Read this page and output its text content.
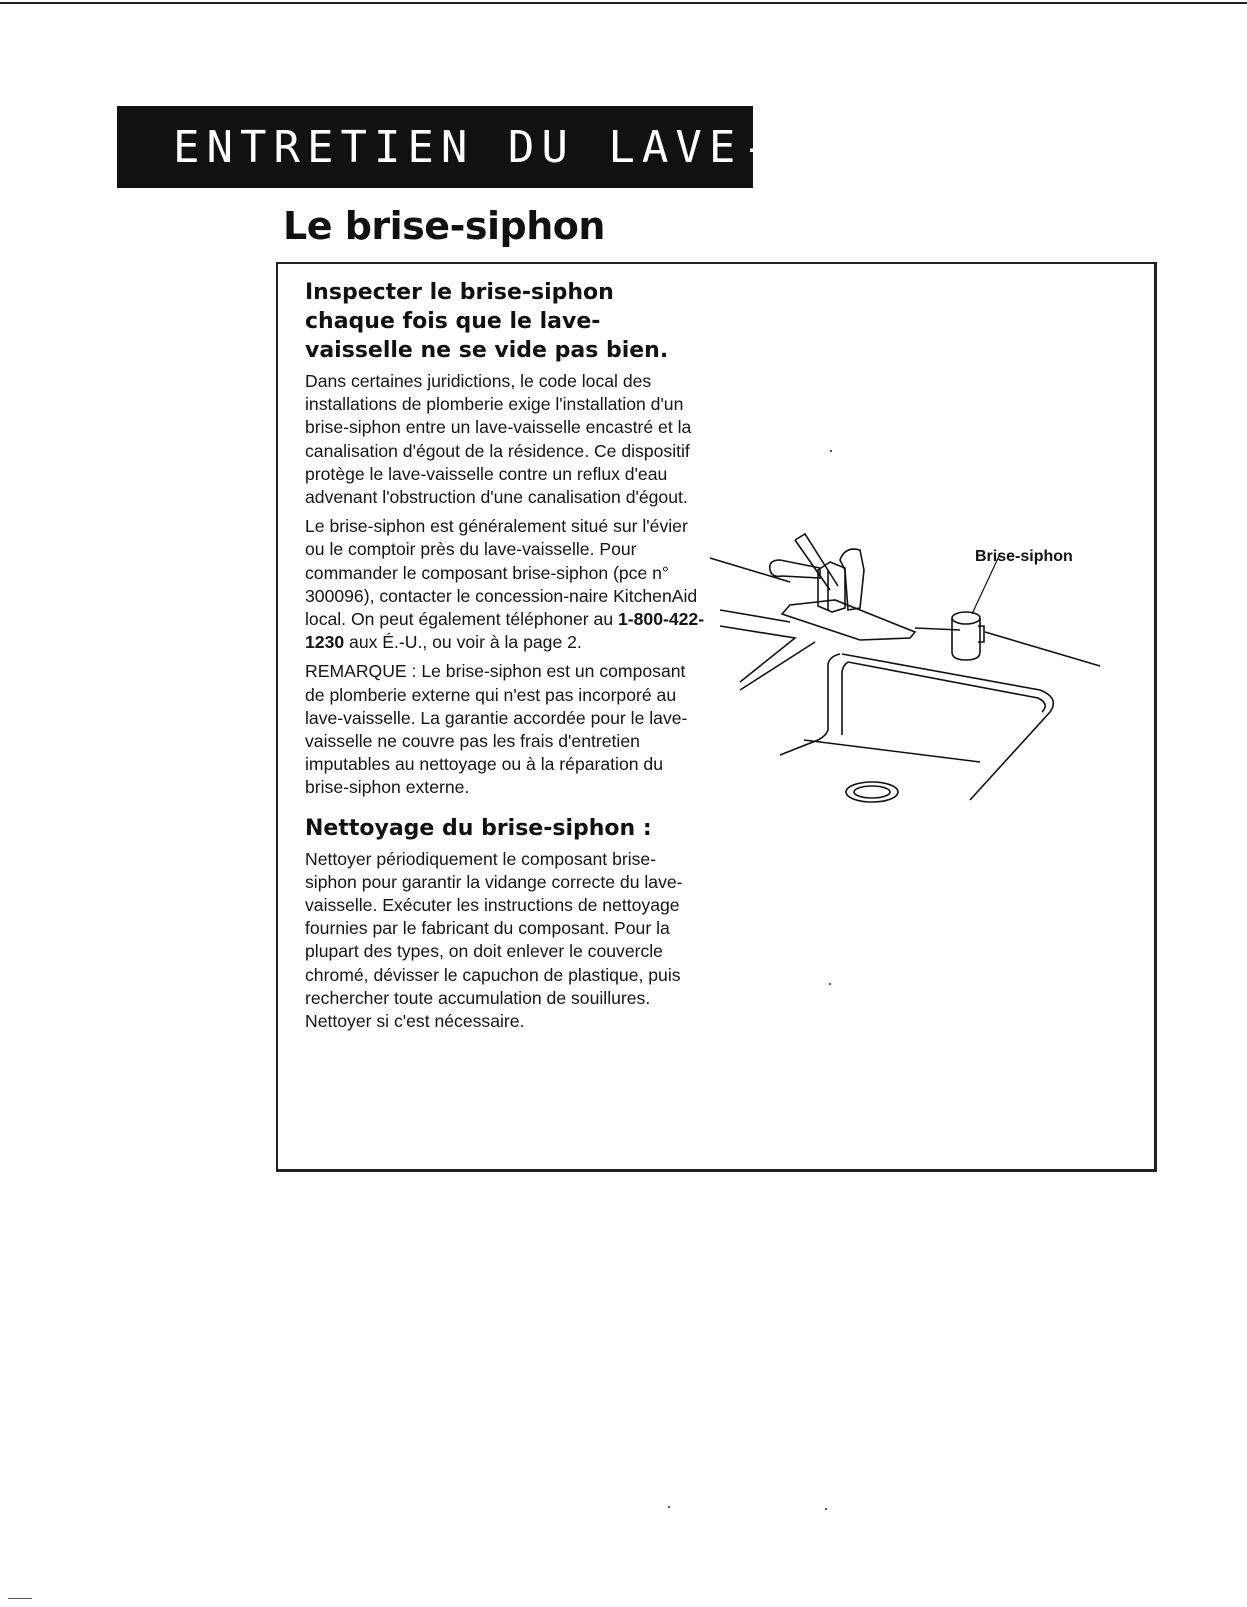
ENTRETIEN DU LAVE-VAISSELLE
Le brise-siphon
Inspecter le brise-siphon
chaque fois que le lave-
vaisselle ne se vide pas bien.

Dans certaines juridictions, le code local des installations de plomberie exige l'installation d'un brise-siphon entre un lave-vaisselle encastré et la canalisation d'égout de la résidence. Ce dispositif protège le lave-vaisselle contre un reflux d'eau advenant l'obstruction d'une canalisation d'égout.

Le brise-siphon est généralement situé sur l'évier ou le comptoir près du lave-vaisselle. Pour commander le composant brise-siphon (pce n° 300096), contacter le concession-naire KitchenAid local. On peut également téléphoner au 1-800-422-1230 aux É.-U., ou voir à la page 2.

REMARQUE : Le brise-siphon est un composant de plomberie externe qui n'est pas incorporé au lave-vaisselle. La garantie accordée pour le lave-vaisselle ne couvre pas les frais d'entretien imputables au nettoyage ou à la réparation du brise-siphon externe.

Nettoyage du brise-siphon :

Nettoyer périodiquement le composant brise-siphon pour garantir la vidange correcte du lave-vaisselle. Exécuter les instructions de nettoyage fournies par le fabricant du composant. Pour la plupart des types, on doit enlever le couvercle chromé, dévisser le capuchon de plastique, puis rechercher toute accumulation de souillures. Nettoyer si c'est nécessaire.

Brise-siphon
